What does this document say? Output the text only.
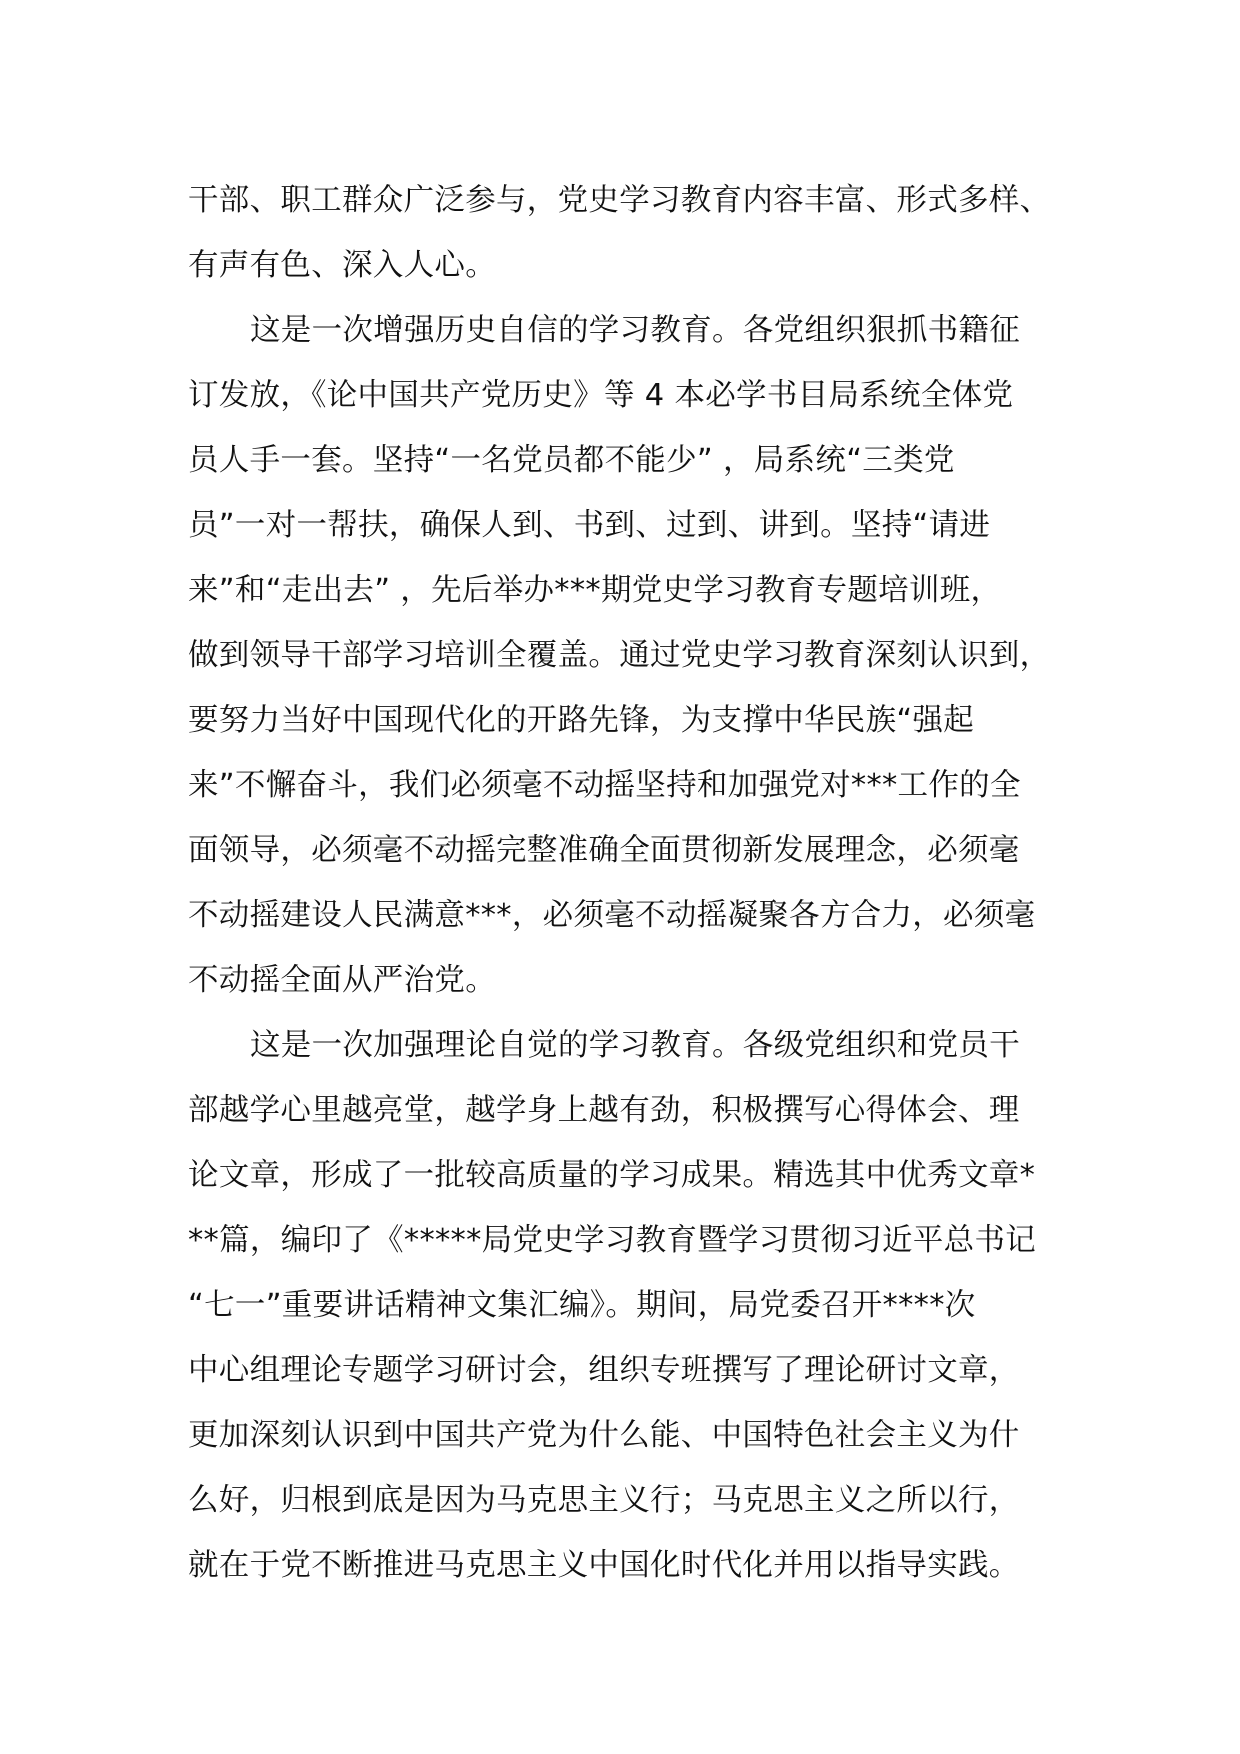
干部、职工群众广泛参与，党史学习教育内容丰富、形式多样、
有声有色、深入人心。
这是一次增强历史自信的学习教育。各党组织狠抓书籍征
订发放，《论中国共产党历史》等 4 本必学书目局系统全体党
员人手一套。坚持“一名党员都不能少” ，局系统“三类党
员”一对一帮扶，确保人到、书到、过到、讲到。坚持“请进
来”和“走出去” ，先后举办***期党史学习教育专题培训班，
做到领导干部学习培训全覆盖。通过党史学习教育深刻认识到，
要努力当好中国现代化的开路先锋，为支撑中华民族“强起
来”不懈奋斗，我们必须毫不动摇坚持和加强党对***工作的全
面领导，必须毫不动摇完整准确全面贯彻新发展理念，必须毫
不动摇建设人民满意***，必须毫不动摇凝聚各方合力，必须毫
不动摇全面从严治党。
这是一次加强理论自觉的学习教育。各级党组织和党员干
部越学心里越亮堂，越学身上越有劲，积极撰写心得体会、理
论文章，形成了一批较高质量的学习成果。精选其中优秀文章*
**篇，编印了《*****局党史学习教育暨学习贯彻习近平总书记
“七一”重要讲话精神文集汇编》。期间，局党委召开****次
中心组理论专题学习研讨会，组织专班撰写了理论研讨文章，
更加深刻认识到中国共产党为什么能、中国特色社会主义为什
么好，归根到底是因为马克思主义行；马克思主义之所以行，
就在于党不断推进马克思主义中国化时代化并用以指导实践。
